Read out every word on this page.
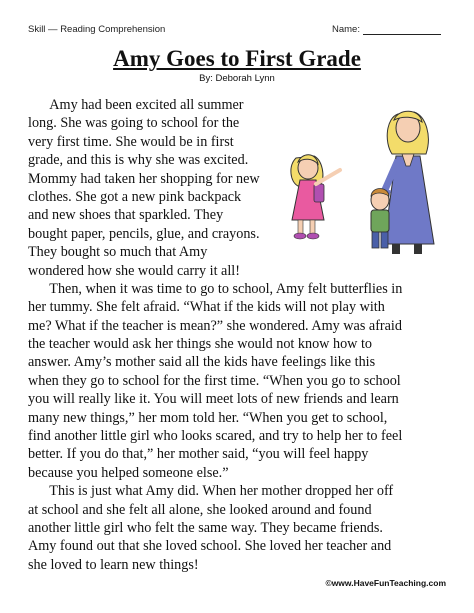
Skill — Reading Comprehension	Name:
Amy Goes to First Grade
By: Deborah Lynn
Amy had been excited all summer
long. She was going to school for the
very first time. She would be in first
grade, and this is why she was excited.
Mommy had taken her shopping for new
clothes. She got a new pink backpack
and new shoes that sparkled. They
bought paper, pencils, glue, and crayons.
They bought so much that Amy
wondered how she would carry it all!
Then, when it was time to go to school, Amy felt butterflies in
her tummy. She felt afraid. “What if the kids will not play with
me? What if the teacher is mean?” she wondered. Amy was afraid
the teacher would ask her things she would not know how to
answer. Amy’s mother said all the kids have feelings like this
when they go to school for the first time. “When you go to school
you will really like it. You will meet lots of new friends and learn
many new things,” her mom told her. “When you get to school,
find another little girl who looks scared, and try to help her to feel
better. If you do that,” her mother said, “you will feel happy
because you helped someone else.”
This is just what Amy did. When her mother dropped her off
at school and she felt all alone, she looked around and found
another little girl who felt the same way. They became friends.
Amy found out that she loved school. She loved her teacher and
she loved to learn new things!
©www.HaveFunTeaching.com
